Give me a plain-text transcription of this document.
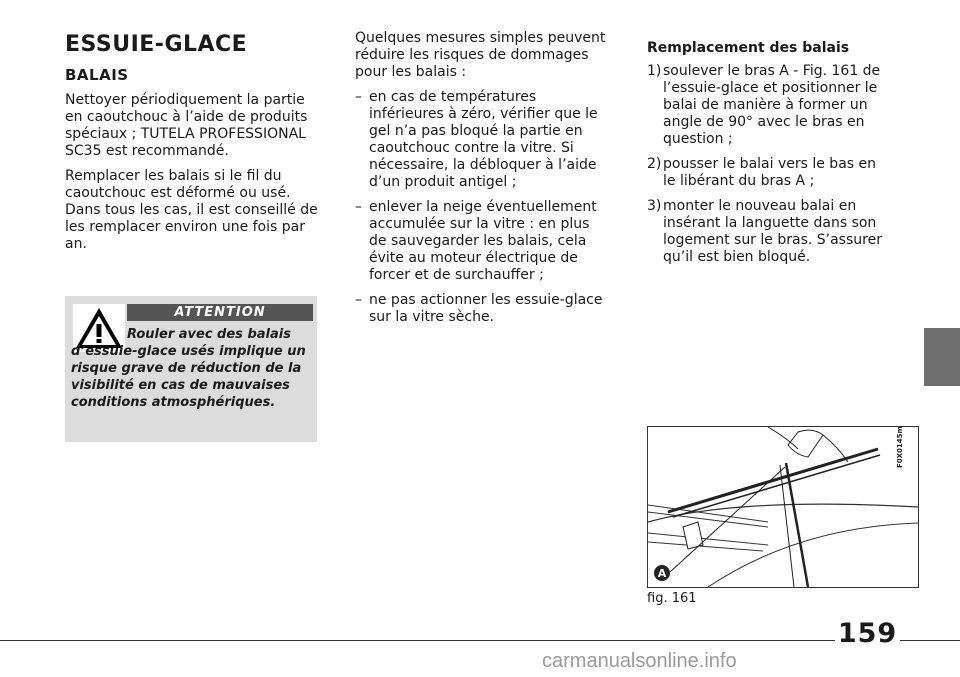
ESSUIE-GLACE
BALAIS

Nettoyer périodiquement la partie en caoutchouc à l’aide de produits spéciaux ; TUTELA PROFESSIONAL SC35 est recommandé.

Remplacer les balais si le fil du caoutchouc est déformé ou usé. Dans tous les cas, il est conseillé de les remplacer environ une fois par an.

ATTENTION
Rouler avec des balais d’essuie-glace usés implique un risque grave de réduction de la visibilité en cas de mauvaises conditions atmosphériques.

Quelques mesures simples peuvent réduire les risques de dommages pour les balais :

– en cas de températures inférieures à zéro, vérifier que le gel n’a pas bloqué la partie en caoutchouc contre la vitre. Si nécessaire, la débloquer à l’aide d’un produit antigel ;
– enlever la neige éventuellement accumulée sur la vitre : en plus de sauvegarder les balais, cela évite au moteur électrique de forcer et de surchauffer ;
– ne pas actionner les essuie-glace sur la vitre sèche.
Remplacement des balais
1) soulever le bras A - Fig. 161 de l’essuie-glace et positionner le balai de manière à former un angle de 90° avec le bras en question ;
2) pousser le balai vers le bas en le libérant du bras A ;
3) monter le nouveau balai en insérant la languette dans son logement sur le bras. S’assurer qu’il est bien bloqué.
A
F0X0145m
fig. 161
159
carmanualsonline.info
